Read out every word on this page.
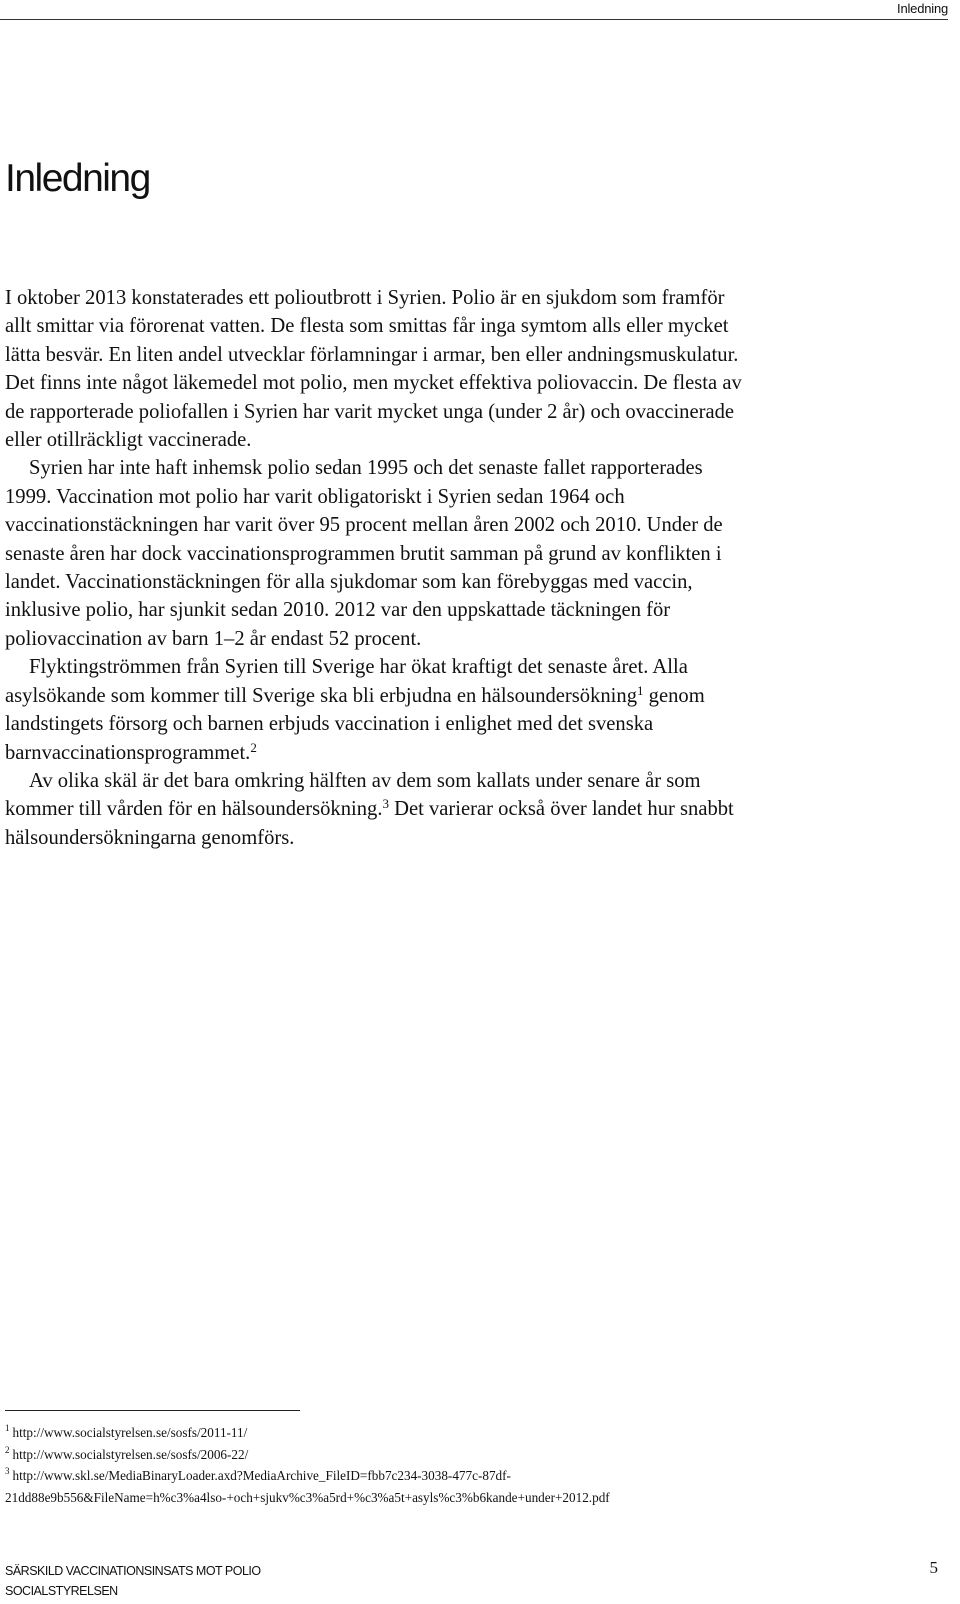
Inledning
Inledning

I oktober 2013 konstaterades ett polioutbrott i Syrien. Polio är en sjukdom som framför allt smittar via förorenat vatten. De flesta som smittas får inga symtom alls eller mycket lätta besvär. En liten andel utvecklar förlamningar i armar, ben eller andningsmuskulatur. Det finns inte något läkemedel mot polio, men mycket effektiva poliovaccin. De flesta av de rapporterade poliofallen i Syrien har varit mycket unga (under 2 år) och ovaccinerade eller otillräckligt vaccinerade.

Syrien har inte haft inhemsk polio sedan 1995 och det senaste fallet rapporterades 1999. Vaccination mot polio har varit obligatoriskt i Syrien sedan 1964 och vaccinationstäckningen har varit över 95 procent mellan åren 2002 och 2010. Under de senaste åren har dock vaccinationsprogrammen brutit samman på grund av konflikten i landet. Vaccinationstäckningen för alla sjukdomar som kan förebyggas med vaccin, inklusive polio, har sjunkit sedan 2010. 2012 var den uppskattade täckningen för poliovaccination av barn 1–2 år endast 52 procent.

Flyktingströmmen från Syrien till Sverige har ökat kraftigt det senaste året. Alla asylsökande som kommer till Sverige ska bli erbjudna en hälsoundersökning$^1$ genom landstingets försorg och barnen erbjuds vaccination i enlighet med det svenska barnvaccinationsprogrammet.$^2$

Av olika skäl är det bara omkring hälften av dem som kallats under senare år som kommer till vården för en hälsoundersökning.$^3$ Det varierar också över landet hur snabbt hälsoundersökningarna genomförs.

$^1$ http://www.socialstyrelsen.se/sosfs/2011-11/

$^2$ http://www.socialstyrelsen.se/sosfs/2006-22/

$^3$ http://www.skl.se/MediaBinaryLoader.axd?MediaArchive_FileID=fbb7c234-3038-477c-87df-

21dd88e9b556&FileName=h%c3%a4lso-+och+sjukv%c3%a5rd+%c3%a5t+asyls%c3%b6kande+under+2012.pdf

SÄRSKILD VACCINATIONSINSATS MOT POLIO
SOCIALSTYRELSEN
5
